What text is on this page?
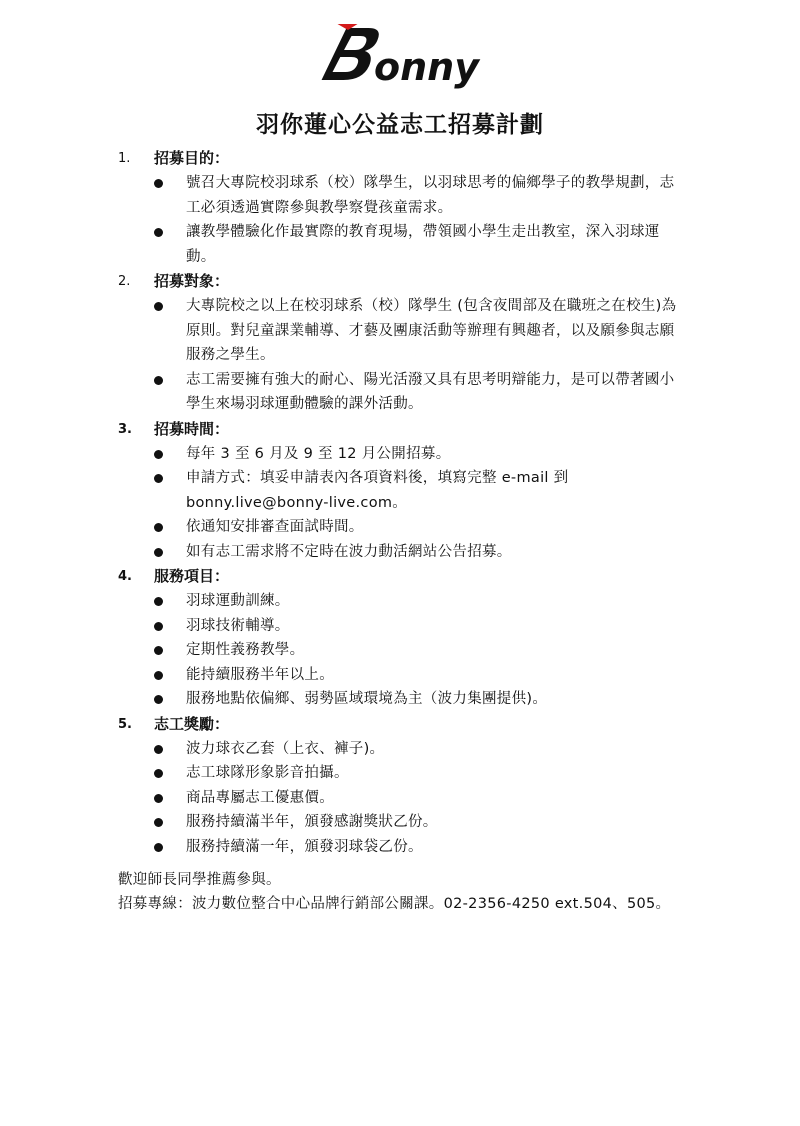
onny
羽你蓮心公益志工招募計劃
1.	招募目的：
號召大專院校羽球系（校）隊學生，以羽球思考的偏鄉學子的教學規劃，志工必須透過實際參與教學察覺孩童需求。
讓教學體驗化作最實際的教育現場，帶領國小學生走出教室，深入羽球運動。
2.	招募對象：
大專院校之以上在校羽球系（校）隊學生 (包含夜間部及在職班之在校生)為原則。對兒童課業輔導、才藝及團康活動等辦理有興趣者，以及願參與志願服務之學生。
志工需要擁有強大的耐心、陽光活潑又具有思考明辯能力，是可以帶著國小學生來場羽球運動體驗的課外活動。
3.	招募時間：
每年 3 至 6 月及 9 至 12 月公開招募。
申請方式：填妥申請表內各項資料後，填寫完整 e-mail 到 bonny.live@bonny-live.com。
依通知安排審查面試時間。
如有志工需求將不定時在波力動活網站公告招募。
4.	服務項目：
羽球運動訓練。
羽球技術輔導。
定期性義務教學。
能持續服務半年以上。
服務地點依偏鄉、弱勢區域環境為主（波力集團提供)。
5.	志工獎勵：
波力球衣乙套（上衣、褲子)。
志工球隊形象影音拍攝。
商品專屬志工優惠價。
服務持續滿半年，頒發感謝獎狀乙份。
服務持續滿一年，頒發羽球袋乙份。

歡迎師長同學推薦參與。

招募專線：波力數位整合中心品牌行銷部公關課。02-2356-4250 ext.504、505。
